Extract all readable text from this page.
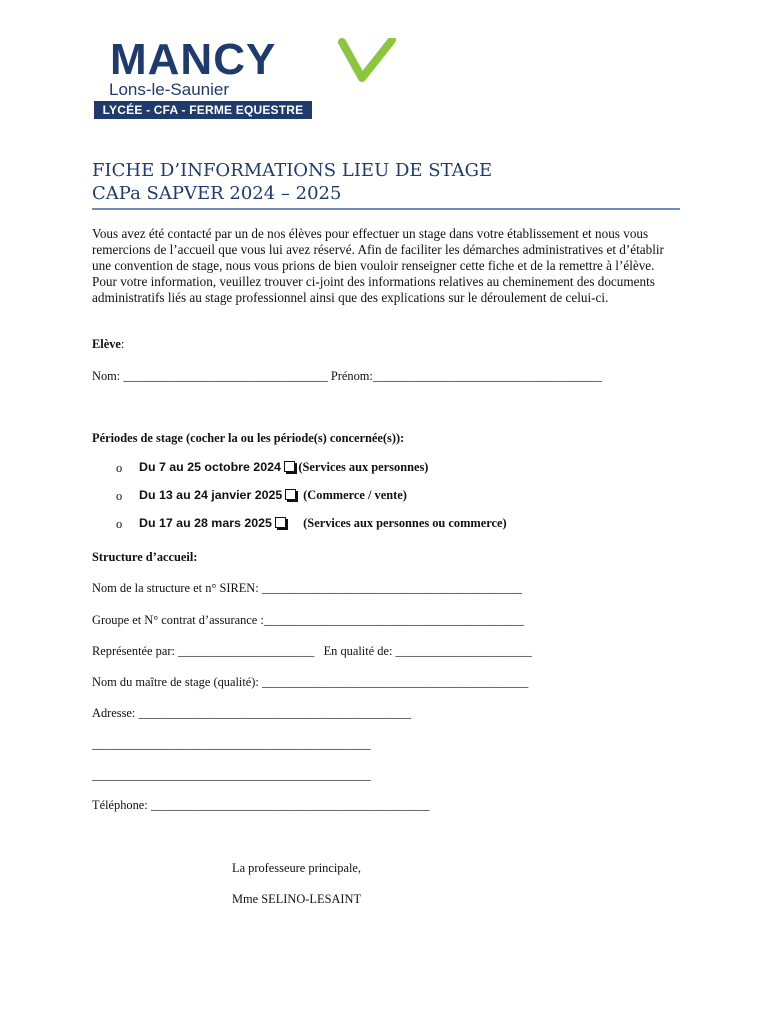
MANCY
Lons-le-Saunier
LYCÉE - CFA - FERME EQUESTRE
FICHE D’INFORMATIONS LIEU DE STAGE
CAPa SAPVER 2024 – 2025
Vous avez été contacté par un de nos élèves pour effectuer un stage dans votre établissement et nous vous remercions de l’accueil que vous lui avez réservé. Afin de faciliter les démarches administratives et d’établir une convention de stage, nous vous prions de bien vouloir renseigner cette fiche et de la remettre à l’élève. Pour votre information, veuillez trouver ci-joint des informations relatives au cheminement des documents administratifs liés au stage professionnel ainsi que des explications sur le déroulement de celui-ci.
Elève:
Nom: _________________________________ Prénom:_____________________________________
Périodes de stage (cocher la ou les période(s) concernée(s)):
o Du 7 au 25 octobre 2024 (Services aux personnes)
o Du 13 au 24 janvier 2025 (Commerce / vente)
o Du 17 au 28 mars 2025	(Services aux personnes ou commerce)
Structure d’accueil:
Nom de la structure et n° SIREN: __________________________________________
Groupe et N° contrat d’assurance :__________________________________________
Représentée par: ______________________   En qualité de: ______________________
Nom du maître de stage (qualité): ___________________________________________
Adresse: ____________________________________________
_____________________________________________
_____________________________________________
Téléphone: _____________________________________________
La professeure principale,
Mme SELINO-LESAINT
